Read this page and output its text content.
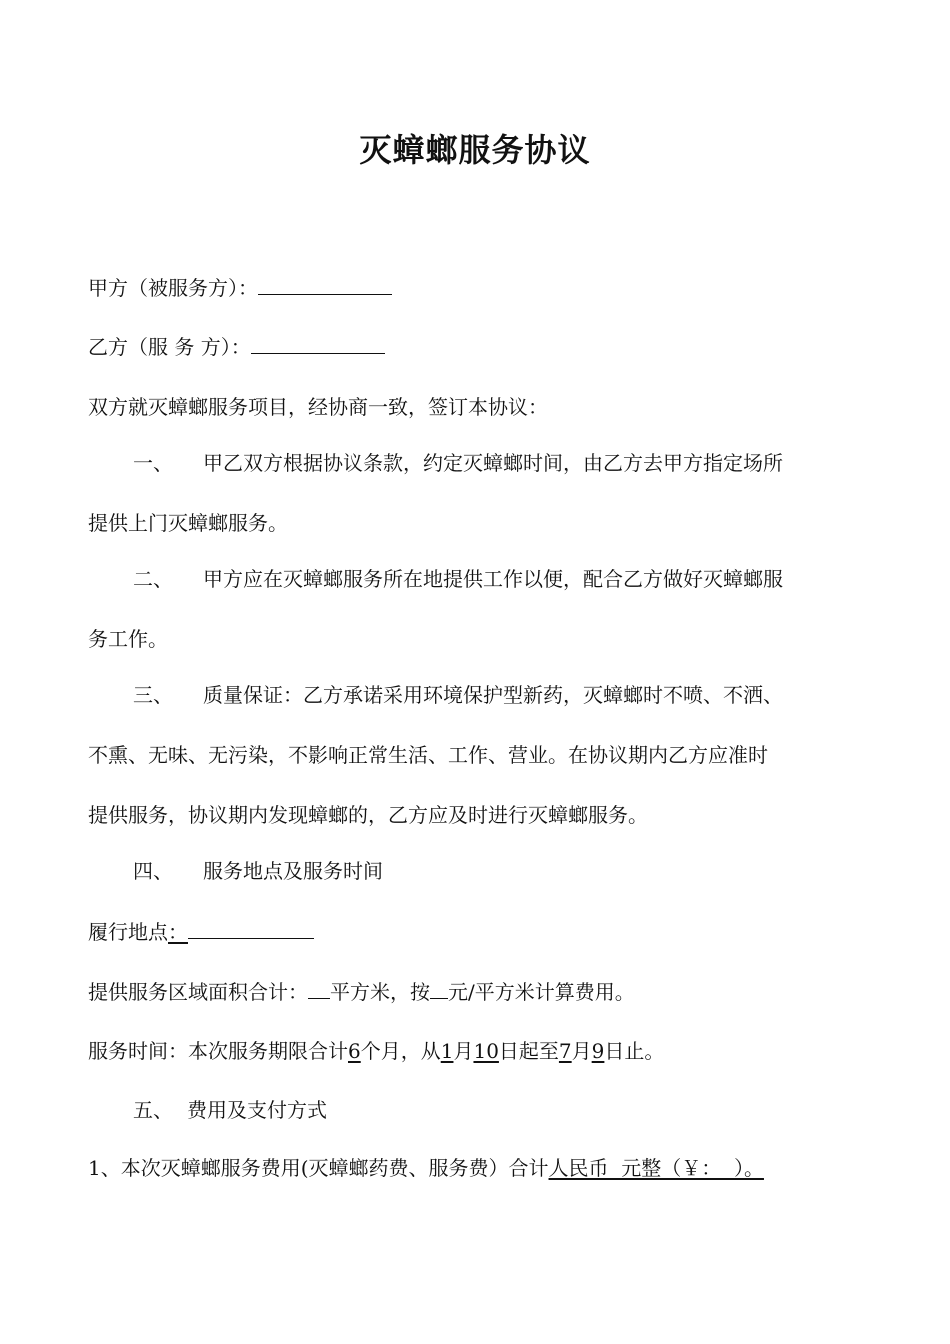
灭蟑螂服务协议
甲方（被服务方）：
乙方（服 务 方）：
双方就灭蟑螂服务项目，经协商一致，签订本协议：
一、 甲乙双方根据协议条款，约定灭蟑螂时间，由乙方去甲方指定场所
提供上门灭蟑螂服务。
二、 甲方应在灭蟑螂服务所在地提供工作以便，配合乙方做好灭蟑螂服
务工作。
三、 质量保证：乙方承诺采用环境保护型新药，灭蟑螂时不喷、不洒、
不熏、无味、无污染，不影响正常生活、工作、营业。在协议期内乙方应准时
提供服务，协议期内发现蟑螂的，乙方应及时进行灭蟑螂服务。
四、 服务地点及服务时间
履行地点：
提供服务区域面积合计： 平方米，按 元/平方米计算费用。
服务时间：本次服务期限合计6个月，从1月10日起至7月9日止。
五、 费用及支付方式
1、本次灭蟑螂服务费用(灭蟑螂药费、服务费）合计人民币  元整（￥：  ）。
